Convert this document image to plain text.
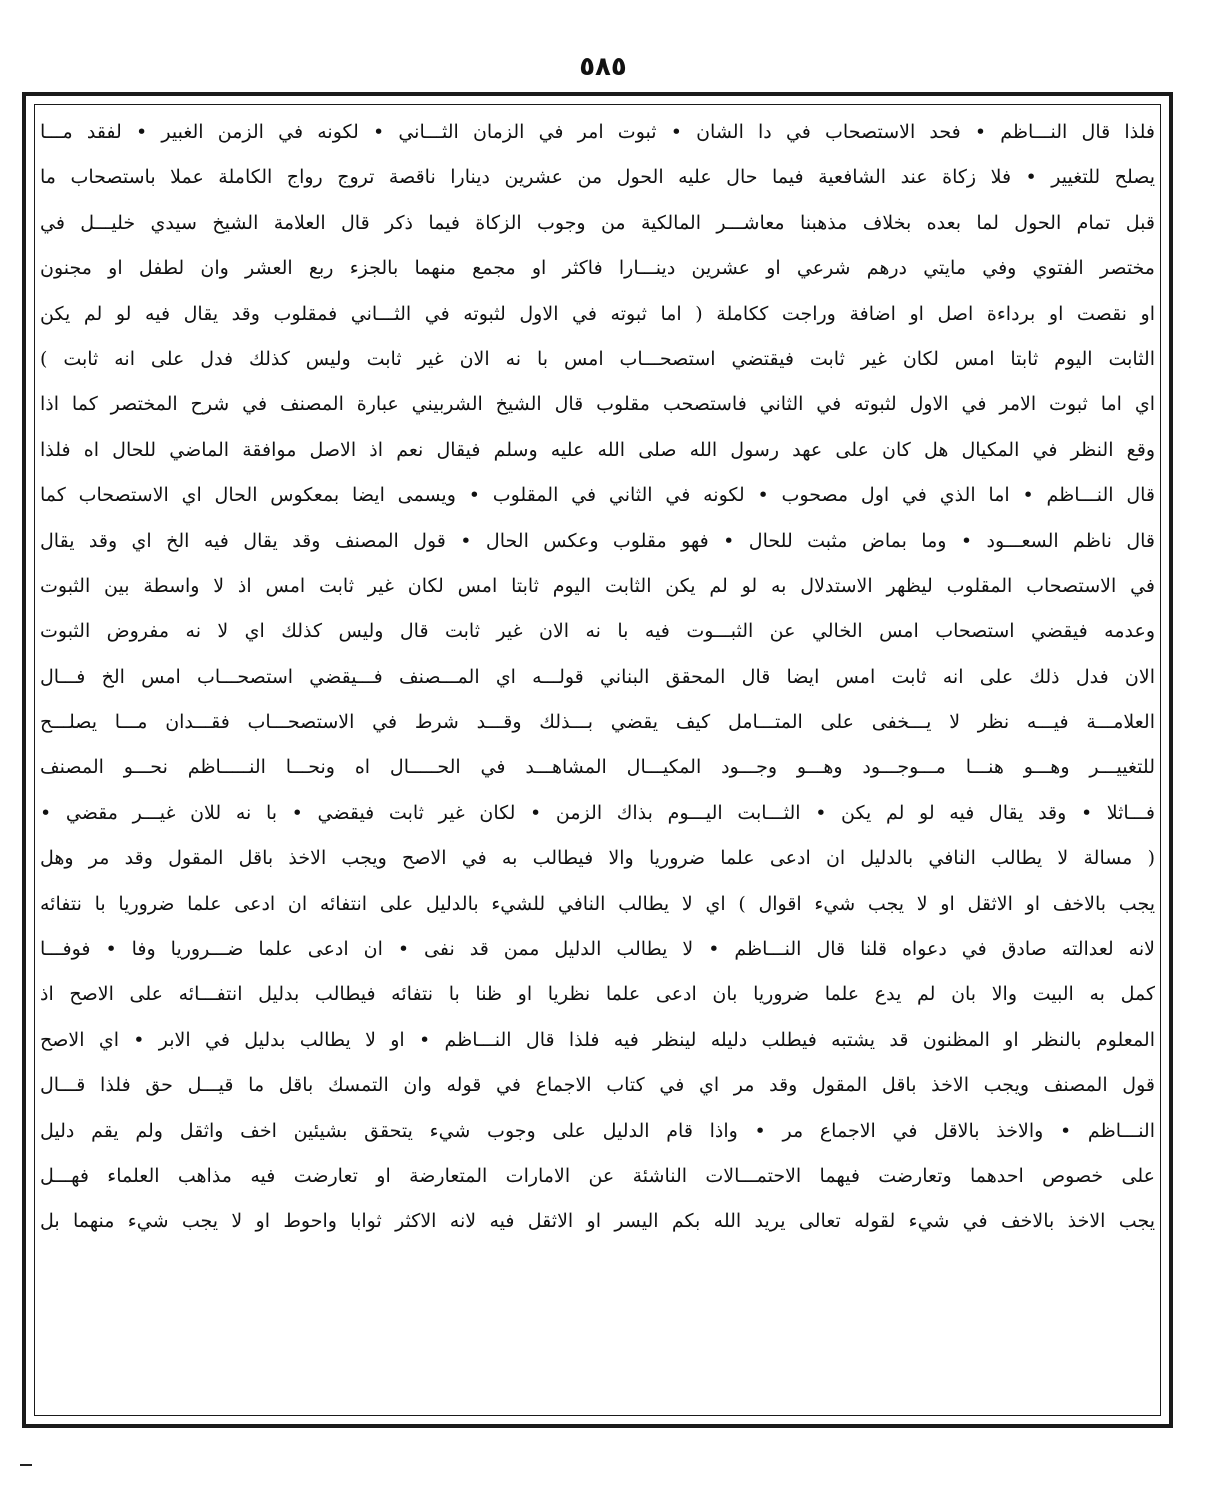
٥٨٥
فلذا قال النـــاظم • فحد الاستصحاب في دا الشان • ثبوت امر في الزمان الثـــاني • لكونه في الزمن الغبير • لفقد مـــا
يصلح للتغيير • فلا زكاة عند الشافعية فيما حال عليه الحول من عشرين دينارا ناقصة تروج رواج الكاملة عملا باستصحاب ما
قبل تمام الحول لما بعده بخلاف مذهبنا معاشـــر المالكية من وجوب الزكاة فيما ذكر قال العلامة الشيخ سيدي خليـــل في
مختصر الفتوي وفي مايتي درهم شرعي او عشرين دينـــارا فاكثر او مجمع منهما بالجزء ربع العشر وان لطفل او مجنون
او نقصت او برداءة اصل او اضافة وراجت ككاملة ( اما ثبوته في الاول لثبوته في الثـــاني فمقلوب وقد يقال فيه لو لم يكن
الثابت اليوم ثابتا امس لكان غير ثابت فيقتضي استصحـــاب امس با نه الان غير ثابت وليس كذلك فدل على انه ثابت )
اي اما ثبوت الامر في الاول لثبوته في الثاني فاستصحب مقلوب قال الشيخ الشربيني عبارة المصنف في شرح المختصر كما اذا
وقع النظر في المكيال هل كان على عهد رسول الله صلى الله عليه وسلم فيقال نعم اذ الاصل موافقة الماضي للحال اه فلذا
قال النـــاظم • اما الذي في اول مصحوب • لكونه في الثاني في المقلوب • ويسمى ايضا بمعكوس الحال اي الاستصحاب كما
قال ناظم السعـــود • وما بماض مثبت للحال • فهو مقلوب وعكس الحال • قول المصنف وقد يقال فيه الخ اي وقد يقال
في الاستصحاب المقلوب ليظهر الاستدلال به لو لم يكن الثابت اليوم ثابتا امس لكان غير ثابت امس اذ لا واسطة بين الثبوت
وعدمه فيقضي استصحاب امس الخالي عن الثبـــوت فيه با نه الان غير ثابت قال وليس كذلك اي لا نه مفروض الثبوت
الان فدل ذلك على انه ثابت امس ايضا قال المحقق البناني قولـــه اي المـــصنف فـــيقضي استصحـــاب امس الخ فـــال
العلامـــة فيـــه نظر لا يـــخفى على المتـــامل كيف يقضي بـــذلك وقـــد شرط في الاستصحـــاب فقـــدان مـــا يصلـــح
للتغييـــر وهـــو هنـــا مـــوجـــود وهـــو وجـــود المكيـــال المشاهـــد في الحـــــال اه ونحـــا النـــــاظم نحـــو المصنف
فـــاثلا • وقد يقال فيه لو لم يكن • الثـــابت اليـــوم بذاك الزمن • لكان غير ثابت فيقضي • با نه للان غيـــر مقضي •
( مسالة لا يطالب النافي بالدليل ان ادعى علما ضروريا والا فيطالب به في الاصح ويجب الاخذ باقل المقول وقد مر وهل
يجب بالاخف او الاثقل او لا يجب شيء اقوال ) اي لا يطالب النافي للشيء بالدليل على انتفائه ان ادعى علما ضروريا با نتفائه
لانه لعدالته صادق في دعواه قلنا قال النـــاظم • لا يطالب الدليل ممن قد نفى • ان ادعى علما ضـــروريا وفا • فوفـــا
كمل به البيت والا بان لم يدع علما ضروريا بان ادعى علما نظريا او ظنا با نتفائه فيطالب بدليل انتفـــائه على الاصح اذ
المعلوم بالنظر او المظنون قد يشتبه فيطلب دليله لينظر فيه فلذا قال النـــاظم • او لا يطالب بدليل في الابر • اي الاصح
قول المصنف ويجب الاخذ باقل المقول وقد مر اي في كتاب الاجماع في قوله وان التمسك باقل ما قيـــل حق فلذا قـــال
النـــاظم • والاخذ بالاقل في الاجماع مر • واذا قام الدليل على وجوب شيء يتحقق بشيئين اخف واثقل ولم يقم دليل
على خصوص احدهما وتعارضت فيهما الاحتمـــالات الناشئة عن الامارات المتعارضة او تعارضت فيه مذاهب العلماء فهـــل
يجب الاخذ بالاخف في شيء لقوله تعالى يريد الله بكم اليسر او الاثقل فيه لانه الاكثر ثوابا واحوط او لا يجب شيء منهما بل
